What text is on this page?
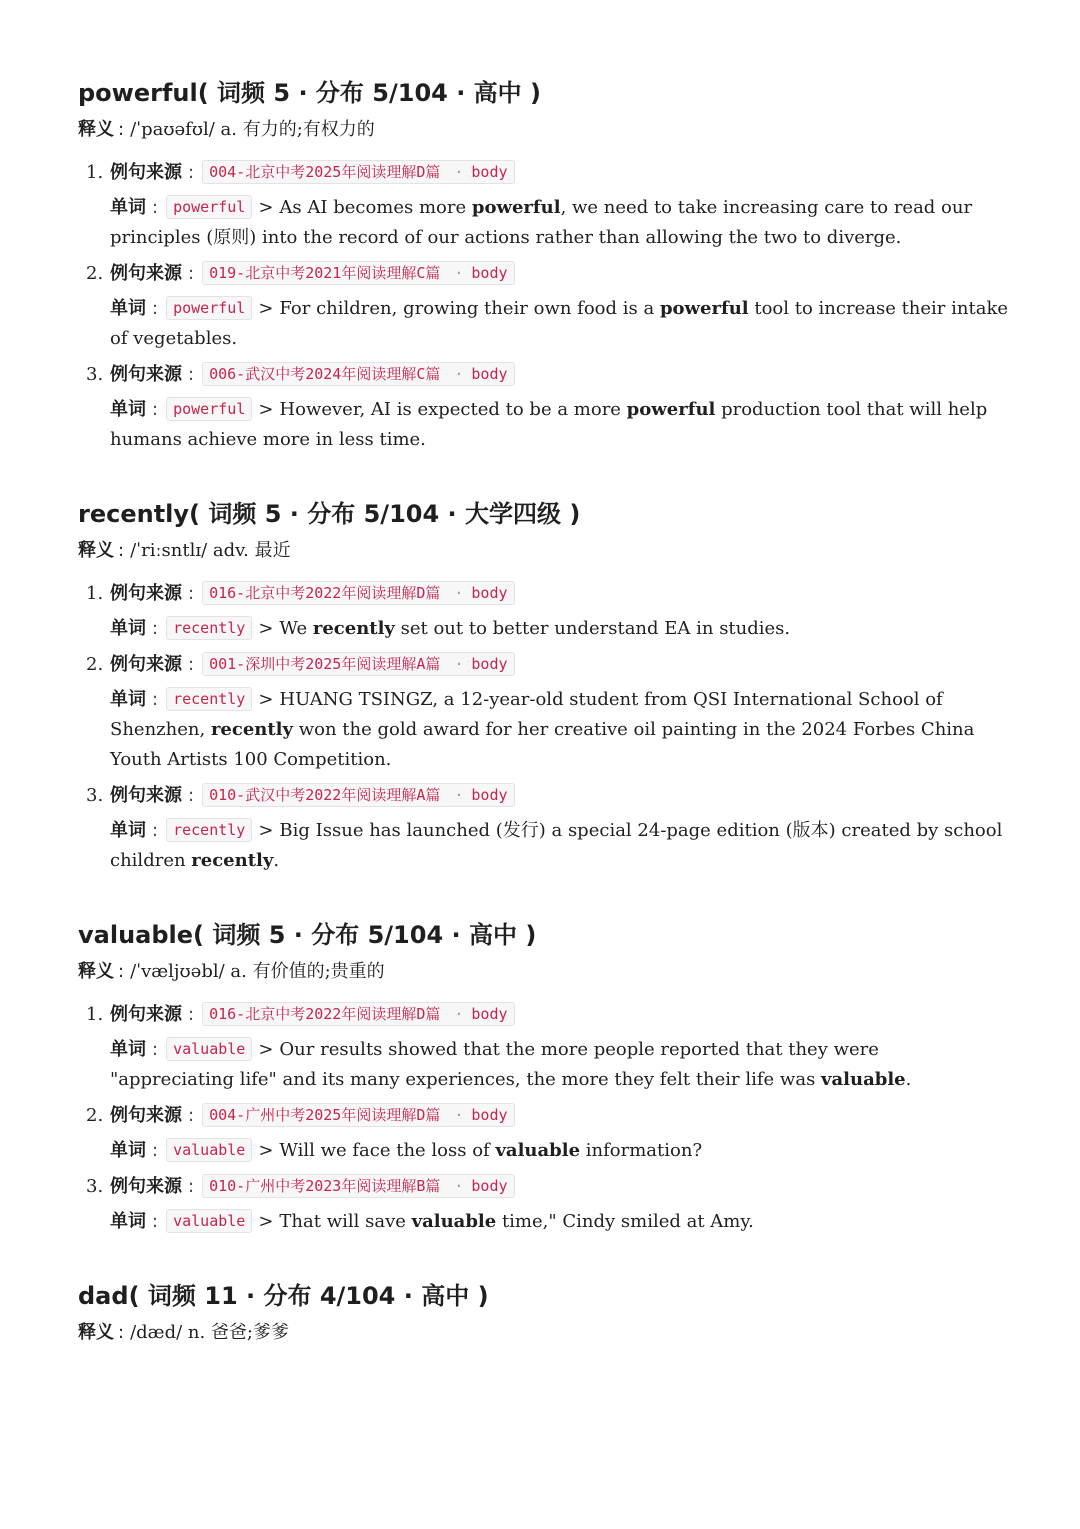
powerful( 词频 5 · 分布 5/104 · 高中 )

释义 : /ˈpaʊəfʊl/ a. 有力的;有权力的

1. 例句来源 : 004-北京中考2025年阅读理解D篇 · body
单词 : powerful > As AI becomes more powerful, we need to take increasing care to read our principles (原则) into the record of our actions rather than allowing the two to diverge.
2. 例句来源 : 019-北京中考2021年阅读理解C篇 · body
单词 : powerful > For children, growing their own food is a powerful tool to increase their intake of vegetables.
3. 例句来源 : 006-武汉中考2024年阅读理解C篇 · body
单词 : powerful > However, AI is expected to be a more powerful production tool that will help humans achieve more in less time.
recently( 词频 5 · 分布 5/104 · 大学四级 )

释义 : /ˈriːsntlɪ/ adv. 最近

1. 例句来源 : 016-北京中考2022年阅读理解D篇 · body
单词 : recently > We recently set out to better understand EA in studies.
2. 例句来源 : 001-深圳中考2025年阅读理解A篇 · body
单词 : recently > HUANG TSINGZ, a 12-year-old student from QSI International School of Shenzhen, recently won the gold award for her creative oil painting in the 2024 Forbes China Youth Artists 100 Competition.
3. 例句来源 : 010-武汉中考2022年阅读理解A篇 · body
单词 : recently > Big Issue has launched (发行) a special 24-page edition (版本) created by school children recently.
valuable( 词频 5 · 分布 5/104 · 高中 )

释义 : /ˈvæljʊəbl/ a. 有价值的;贵重的

1. 例句来源 : 016-北京中考2022年阅读理解D篇 · body
单词 : valuable > Our results showed that the more people reported that they were "appreciating life" and its many experiences, the more they felt their life was valuable.
2. 例句来源 : 004-广州中考2025年阅读理解D篇 · body
单词 : valuable > Will we face the loss of valuable information?
3. 例句来源 : 010-广州中考2023年阅读理解B篇 · body
单词 : valuable > That will save valuable time," Cindy smiled at Amy.
dad( 词频 11 · 分布 4/104 · 高中 )

释义 : /dæd/ n. 爸爸;爹爹
